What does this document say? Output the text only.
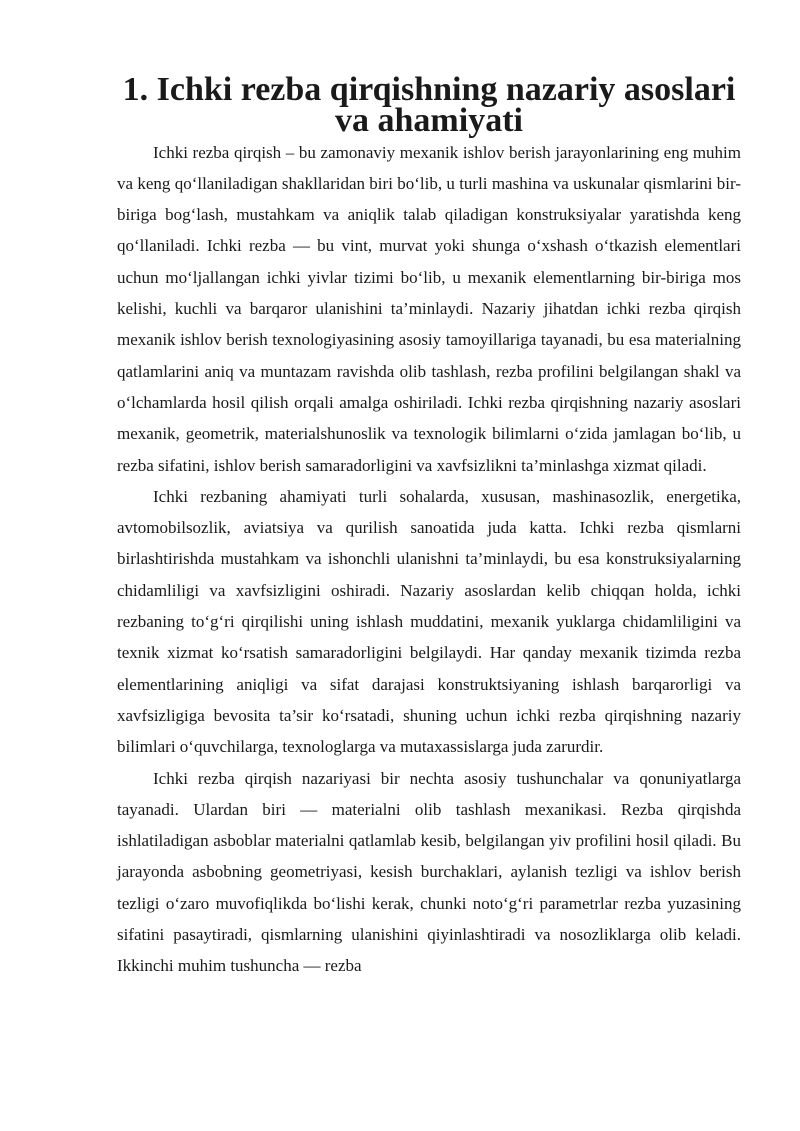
1. Ichki rezba qirqishning nazariy asoslari va ahamiyati

Ichki rezba qirqish – bu zamonaviy mexanik ishlov berish jarayonlarining eng muhim va keng qo‘llaniladigan shakllaridan biri bo‘lib, u turli mashina va uskunalar qismlarini bir-biriga bog‘lash, mustahkam va aniqlik talab qiladigan konstruksiyalar yaratishda keng qo‘llaniladi. Ichki rezba — bu vint, murvat yoki shunga o‘xshash o‘tkazish elementlari uchun mo‘ljallangan ichki yivlar tizimi bo‘lib, u mexanik elementlarning bir-biriga mos kelishi, kuchli va barqaror ulanishini ta’minlaydi. Nazariy jihatdan ichki rezba qirqish mexanik ishlov berish texnologiyasining asosiy tamoyillariga tayanadi, bu esa materialning qatlamlarini aniq va muntazam ravishda olib tashlash, rezba profilini belgilangan shakl va o‘lchamlarda hosil qilish orqali amalga oshiriladi. Ichki rezba qirqishning nazariy asoslari mexanik, geometrik, materialshunoslik va texnologik bilimlarni o‘zida jamlagan bo‘lib, u rezba sifatini, ishlov berish samaradorligini va xavfsizlikni ta’minlashga xizmat qiladi.

Ichki rezbaning ahamiyati turli sohalarda, xususan, mashinasozlik, energetika, avtomobilsozlik, aviatsiya va qurilish sanoatida juda katta. Ichki rezba qismlarni birlashtirishda mustahkam va ishonchli ulanishni ta’minlaydi, bu esa konstruksiyalarning chidamliligi va xavfsizligini oshiradi. Nazariy asoslardan kelib chiqqan holda, ichki rezbaning to‘g‘ri qirqilishi uning ishlash muddatini, mexanik yuklarga chidamliligini va texnik xizmat ko‘rsatish samaradorligini belgilaydi. Har qanday mexanik tizimda rezba elementlarining aniqligi va sifat darajasi konstruktsiyaning ishlash barqarorligi va xavfsizligiga bevosita ta’sir ko‘rsatadi, shuning uchun ichki rezba qirqishning nazariy bilimlari o‘quvchilarga, texnologlarga va mutaxassislarga juda zarurdir.

Ichki rezba qirqish nazariyasi bir nechta asosiy tushunchalar va qonuniyatlarga tayanadi. Ulardan biri — materialni olib tashlash mexanikasi. Rezba qirqishda ishlatiladigan asboblar materialni qatlamlab kesib, belgilangan yiv profilini hosil qiladi. Bu jarayonda asbobning geometriyasi, kesish burchaklari, aylanish tezligi va ishlov berish tezligi o‘zaro muvofiqlikda bo‘lishi kerak, chunki noto‘g‘ri parametrlar rezba yuzasining sifatini pasaytiradi, qismlarning ulanishini qiyinlashtiradi va nosozliklarga olib keladi. Ikkinchi muhim tushuncha — rezba
